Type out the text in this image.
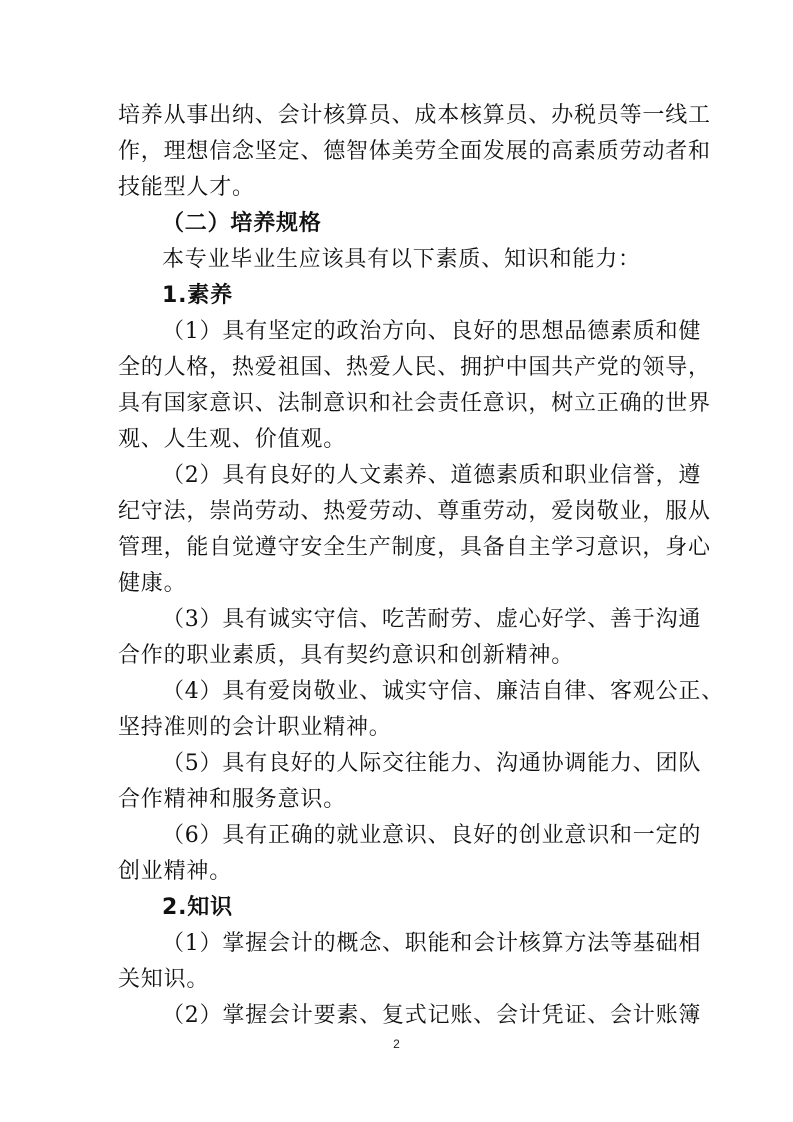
培养从事出纳、会计核算员、成本核算员、办税员等一线工
作，理想信念坚定、德智体美劳全面发展的高素质劳动者和
技能型人才。
（二）培养规格
本专业毕业生应该具有以下素质、知识和能力：
1.素养
（1）具有坚定的政治方向、良好的思想品德素质和健
全的人格，热爱祖国、热爱人民、拥护中国共产党的领导，
具有国家意识、法制意识和社会责任意识，树立正确的世界
观、人生观、价值观。
（2）具有良好的人文素养、道德素质和职业信誉，遵
纪守法，崇尚劳动、热爱劳动、尊重劳动，爱岗敬业，服从
管理，能自觉遵守安全生产制度，具备自主学习意识，身心
健康。
（3）具有诚实守信、吃苦耐劳、虚心好学、善于沟通
合作的职业素质，具有契约意识和创新精神。
（4）具有爱岗敬业、诚实守信、廉洁自律、客观公正、
坚持准则的会计职业精神。
（5）具有良好的人际交往能力、沟通协调能力、团队
合作精神和服务意识。
（6）具有正确的就业意识、良好的创业意识和一定的
创业精神。
2.知识
（1）掌握会计的概念、职能和会计核算方法等基础相
关知识。
（2）掌握会计要素、复式记账、会计凭证、会计账簿
2
